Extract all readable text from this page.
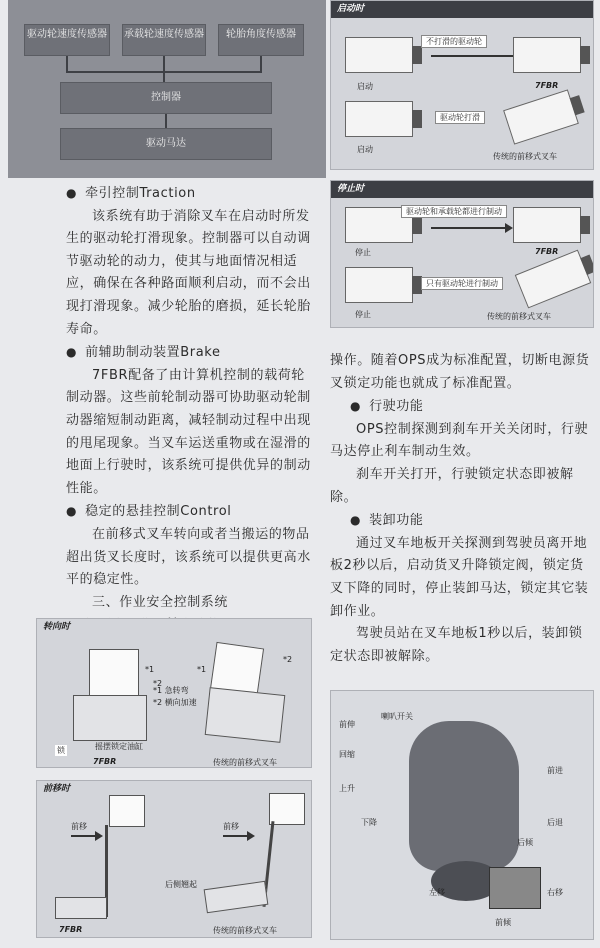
驱动轮速度传感器	承载轮速度传感器	轮胎角度传感器
控制器
驱动马达

● 牵引控制Traction

该系统有助于消除叉车在启动时所发生的驱动轮打滑现象。控制器可以自动调节驱动轮的动力，使其与地面情况相适应，确保在各种路面顺利启动，而不会出现打滑现象。减少轮胎的磨损，延长轮胎寿命。

● 前辅助制动装置Brake

7FBR配备了由计算机控制的载荷轮制动器。这些前轮制动器可协助驱动轮制动器缩短制动距离，减轻制动过程中出现的甩尾现象。当叉车运送重物或在湿滑的地面上行驶时，该系统可提供优异的制动性能。

● 稳定的悬挂控制Control

在前移式叉车转向或者当搬运的物品超出货叉长度时，该系统可以提供更高水平的稳定性。

三、作业安全控制系统

●

启动时
不打滑的驱动轮
启动	7FBR
驱动轮打滑
启动
传统的前移式叉车
停止时
驱动轮和承载轮都进行制动
停止	7FBR
只有驱动轮进行制动
停止	传统的前移式叉车

操作。随着OPS成为标准配置，切断电源货叉锁定功能也就成了标准配置。

● 行驶功能

OPS控制探测到刹车开关关闭时，行驶马达停止利车制动生效。

刹车开关打开，行驶锁定状态即被解除。

● 装卸功能

通过叉车地板开关探测到驾驶员离开地板2秒以后，启动货叉升降锁定阀，锁定货叉下降的同时，停止装卸马达，锁定其它装卸作业。

驾驶员站在叉车地板1秒以后，装卸锁定状态即被解除。

转向时
*1
*2
*1 急转弯
*2 横向加速
*1
*2
锁	摇摆锁定油缸
7FBR	传统的前移式叉车
前移时
前移
7FBR
前移
后侧翘起
传统的前移式叉车
喇叭开关
前伸
回缩
上升
下降
前进
后退
后倾
左移	右移
前倾
